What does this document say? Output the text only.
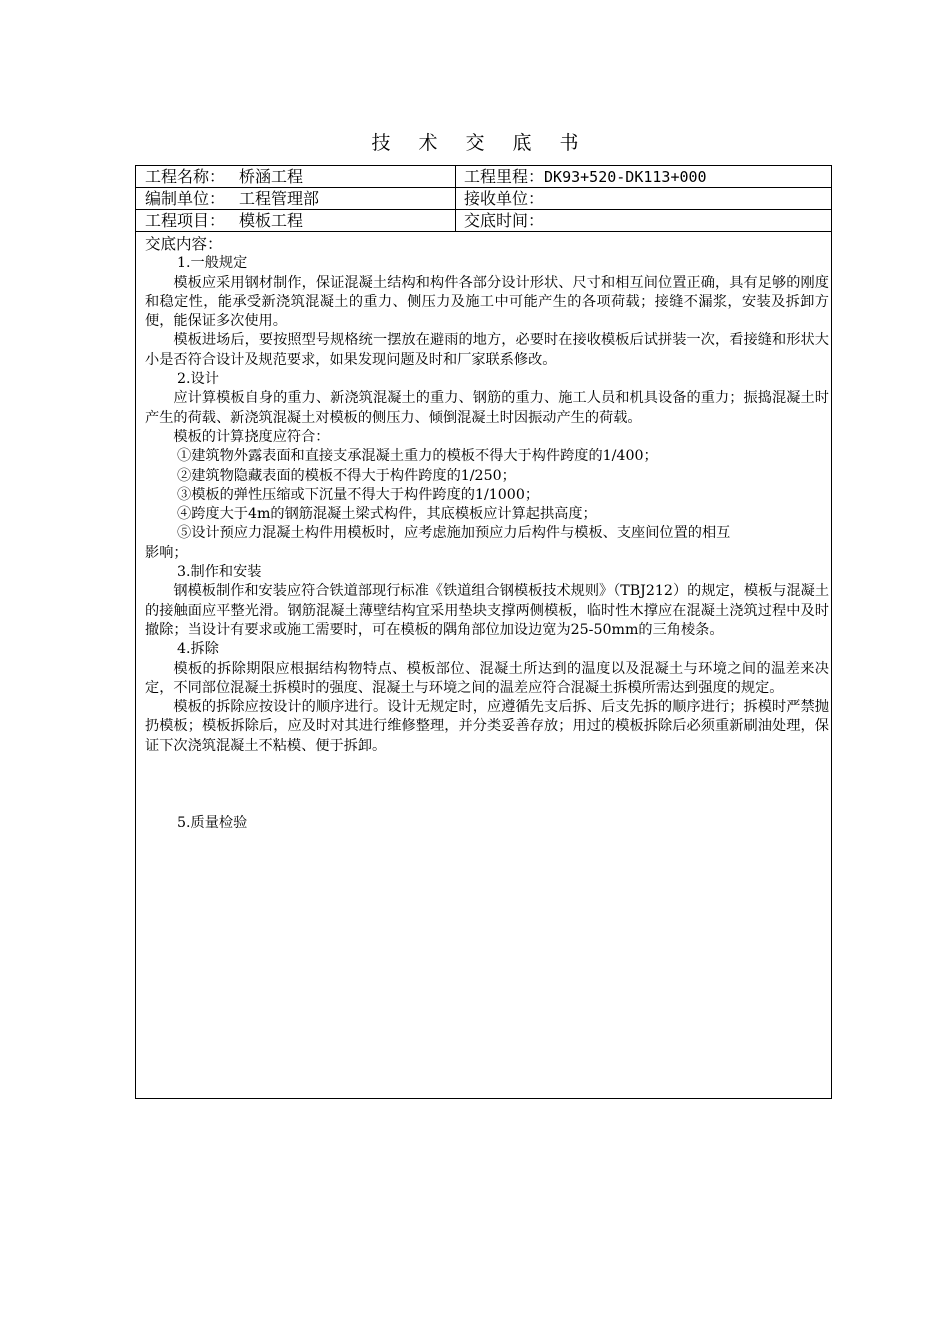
技 术 交 底 书
工程名称： 桥涵工程	工程里程：DK93+520-DK113+000
编制单位： 工程管理部	接收单位：
工程项目： 模板工程	交底时间：
交底内容：
1.一般规定

模板应采用钢材制作，保证混凝土结构和构件各部分设计形状、尺寸和相互间位置正确，具有足够的刚度和稳定性，能承受新浇筑混凝土的重力、侧压力及施工中可能产生的各项荷载；接缝不漏浆，安装及拆卸方便，能保证多次使用。

模板进场后，要按照型号规格统一摆放在避雨的地方，必要时在接收模板后试拼装一次，看接缝和形状大小是否符合设计及规范要求，如果发现问题及时和厂家联系修改。

2.设计

应计算模板自身的重力、新浇筑混凝土的重力、钢筋的重力、施工人员和机具设备的重力；振捣混凝土时产生的荷载、新浇筑混凝土对模板的侧压力、倾倒混凝土时因振动产生的荷载。

模板的计算挠度应符合：

①建筑物外露表面和直接支承混凝土重力的模板不得大于构件跨度的1/400；
②建筑物隐藏表面的模板不得大于构件跨度的1/250；
③模板的弹性压缩或下沉量不得大于构件跨度的1/1000；
④跨度大于4m的钢筋混凝土梁式构件，其底模板应计算起拱高度；
⑤设计预应力混凝土构件用模板时，应考虑施加预应力后构件与模板、支座间位置的相互
影响；
3.制作和安装

钢模板制作和安装应符合铁道部现行标准《铁道组合钢模板技术规则》（TBJ212）的规定，模板与混凝土的接触面应平整光滑。钢筋混凝土薄壁结构宜采用垫块支撑两侧模板，临时性木撑应在混凝土浇筑过程中及时撤除；当设计有要求或施工需要时，可在模板的隅角部位加设边宽为25-50mm的三角棱条。

4.拆除

模板的拆除期限应根据结构物特点、模板部位、混凝土所达到的温度以及混凝土与环境之间的温差来决定，不同部位混凝土拆模时的强度、混凝土与环境之间的温差应符合混凝土拆模所需达到强度的规定。

模板的拆除应按设计的顺序进行。设计无规定时，应遵循先支后拆、后支先拆的顺序进行；拆模时严禁抛扔模板；模板拆除后，应及时对其进行维修整理，并分类妥善存放；用过的模板拆除后必须重新刷油处理，保证下次浇筑混凝土不粘模、便于拆卸。

5.质量检验
